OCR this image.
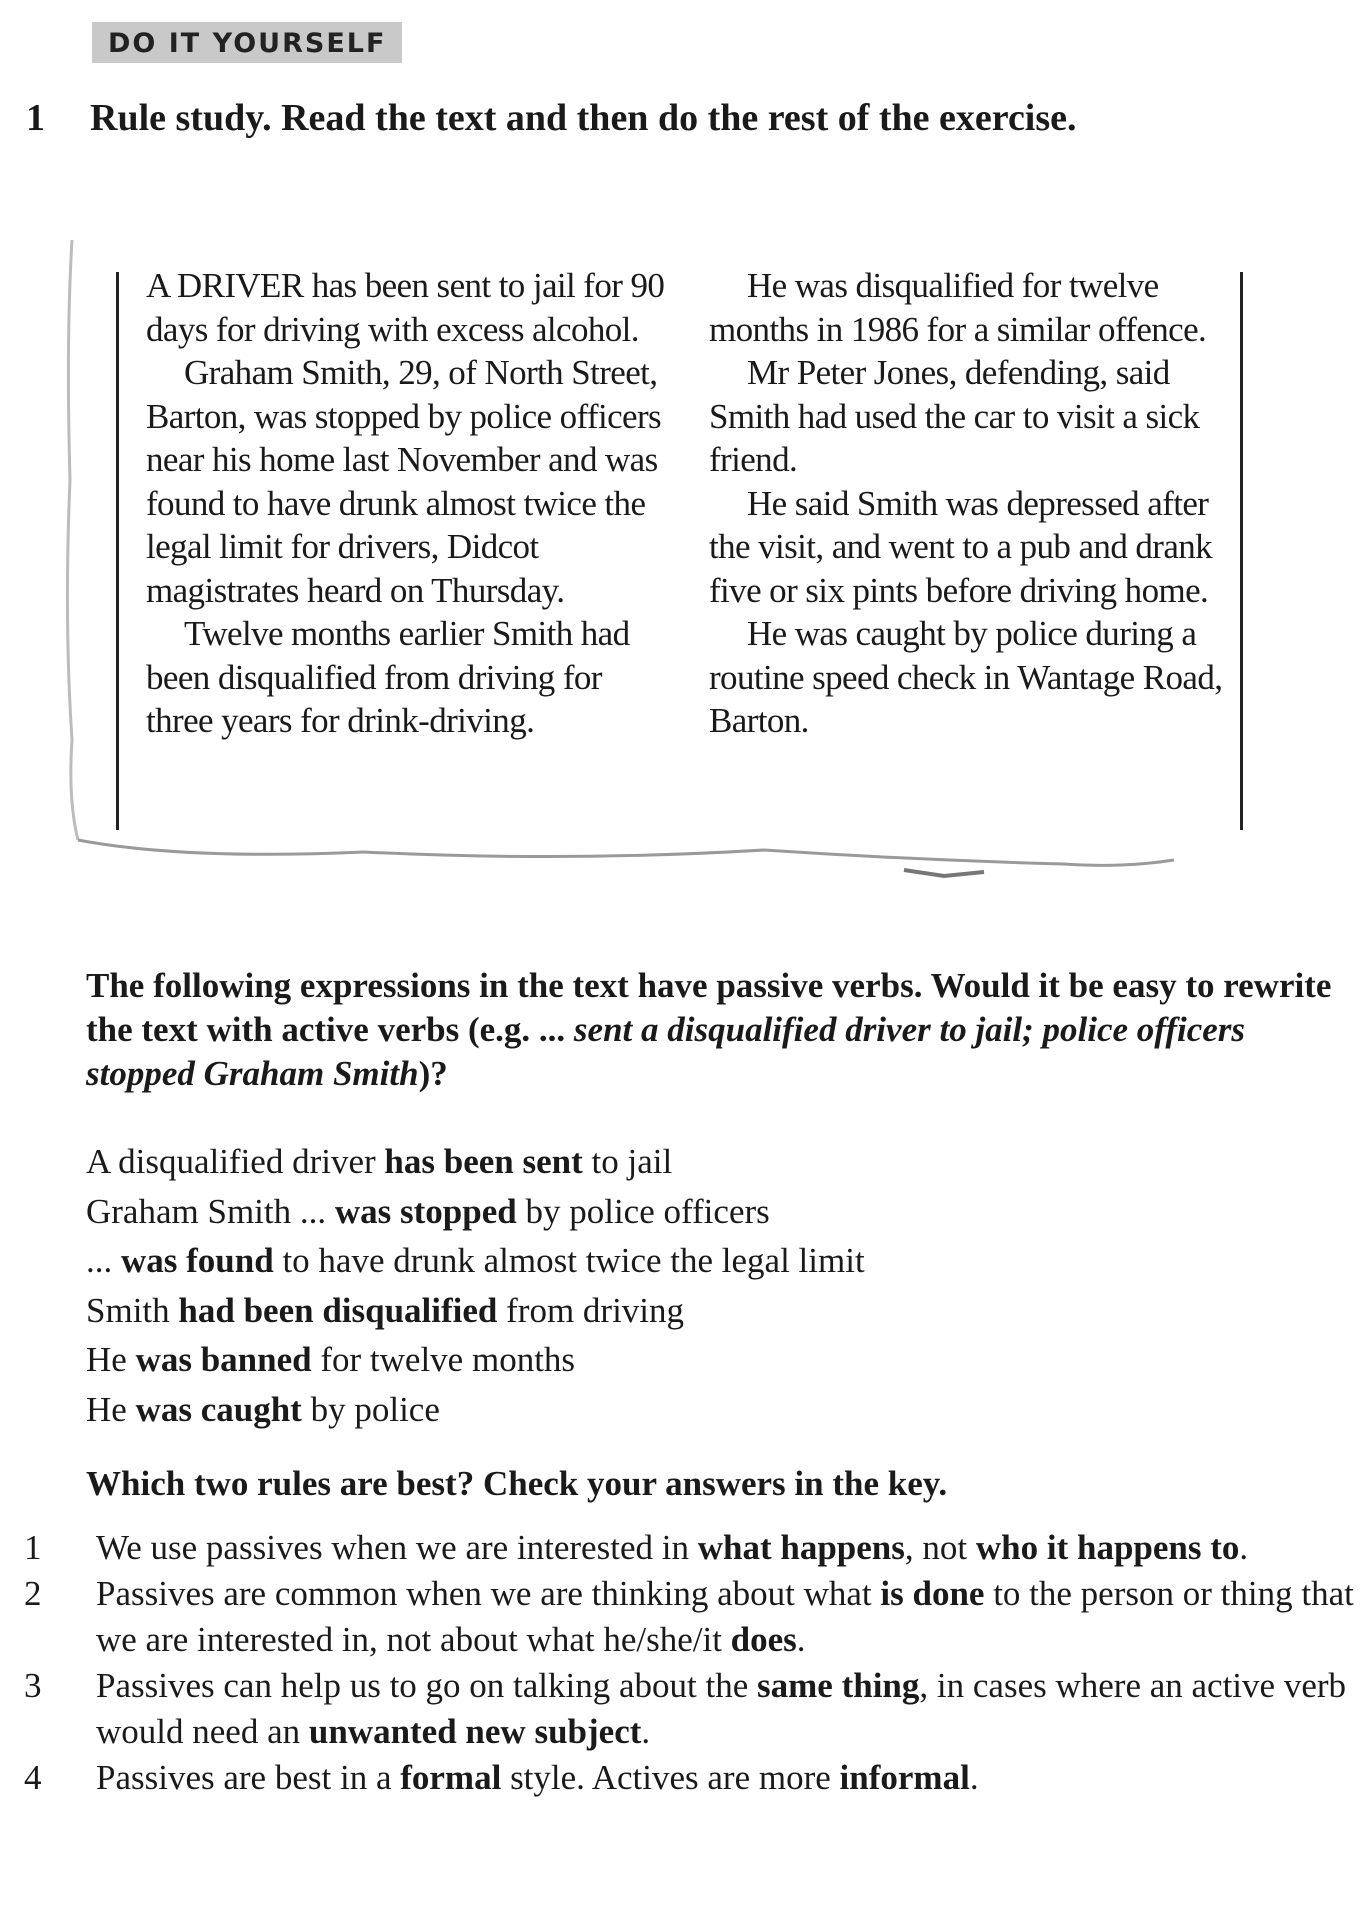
DO IT YOURSELF
1 Rule study. Read the text and then do the rest of the exercise.

A DRIVER has been sent to jail for 90 days for driving with excess alcohol.

Graham Smith, 29, of North Street, Barton, was stopped by police officers near his home last November and was found to have drunk almost twice the legal limit for drivers, Didcot magistrates heard on Thursday.

Twelve months earlier Smith had been disqualified from driving for three years for drink-driving.

He was disqualified for twelve months in 1986 for a similar offence.

Mr Peter Jones, defending, said Smith had used the car to visit a sick friend.

He said Smith was depressed after the visit, and went to a pub and drank five or six pints before driving home.

He was caught by police during a routine speed check in Wantage Road, Barton.

The following expressions in the text have passive verbs. Would it be easy to rewrite the text with active verbs (e.g. ... sent a disqualified driver to jail; police officers stopped Graham Smith)?
A disqualified driver has been sent to jail
Graham Smith ... was stopped by police officers
... was found to have drunk almost twice the legal limit
Smith had been disqualified from driving
He was banned for twelve months
He was caught by police
Which two rules are best? Check your answers in the key.
1	We use passives when we are interested in what happens, not who it happens to.
2	Passives are common when we are thinking about what is done to the person or thing that we are interested in, not about what he/she/it does.
3	Passives can help us to go on talking about the same thing, in cases where an active verb would need an unwanted new subject.
4	Passives are best in a formal style. Actives are more informal.
